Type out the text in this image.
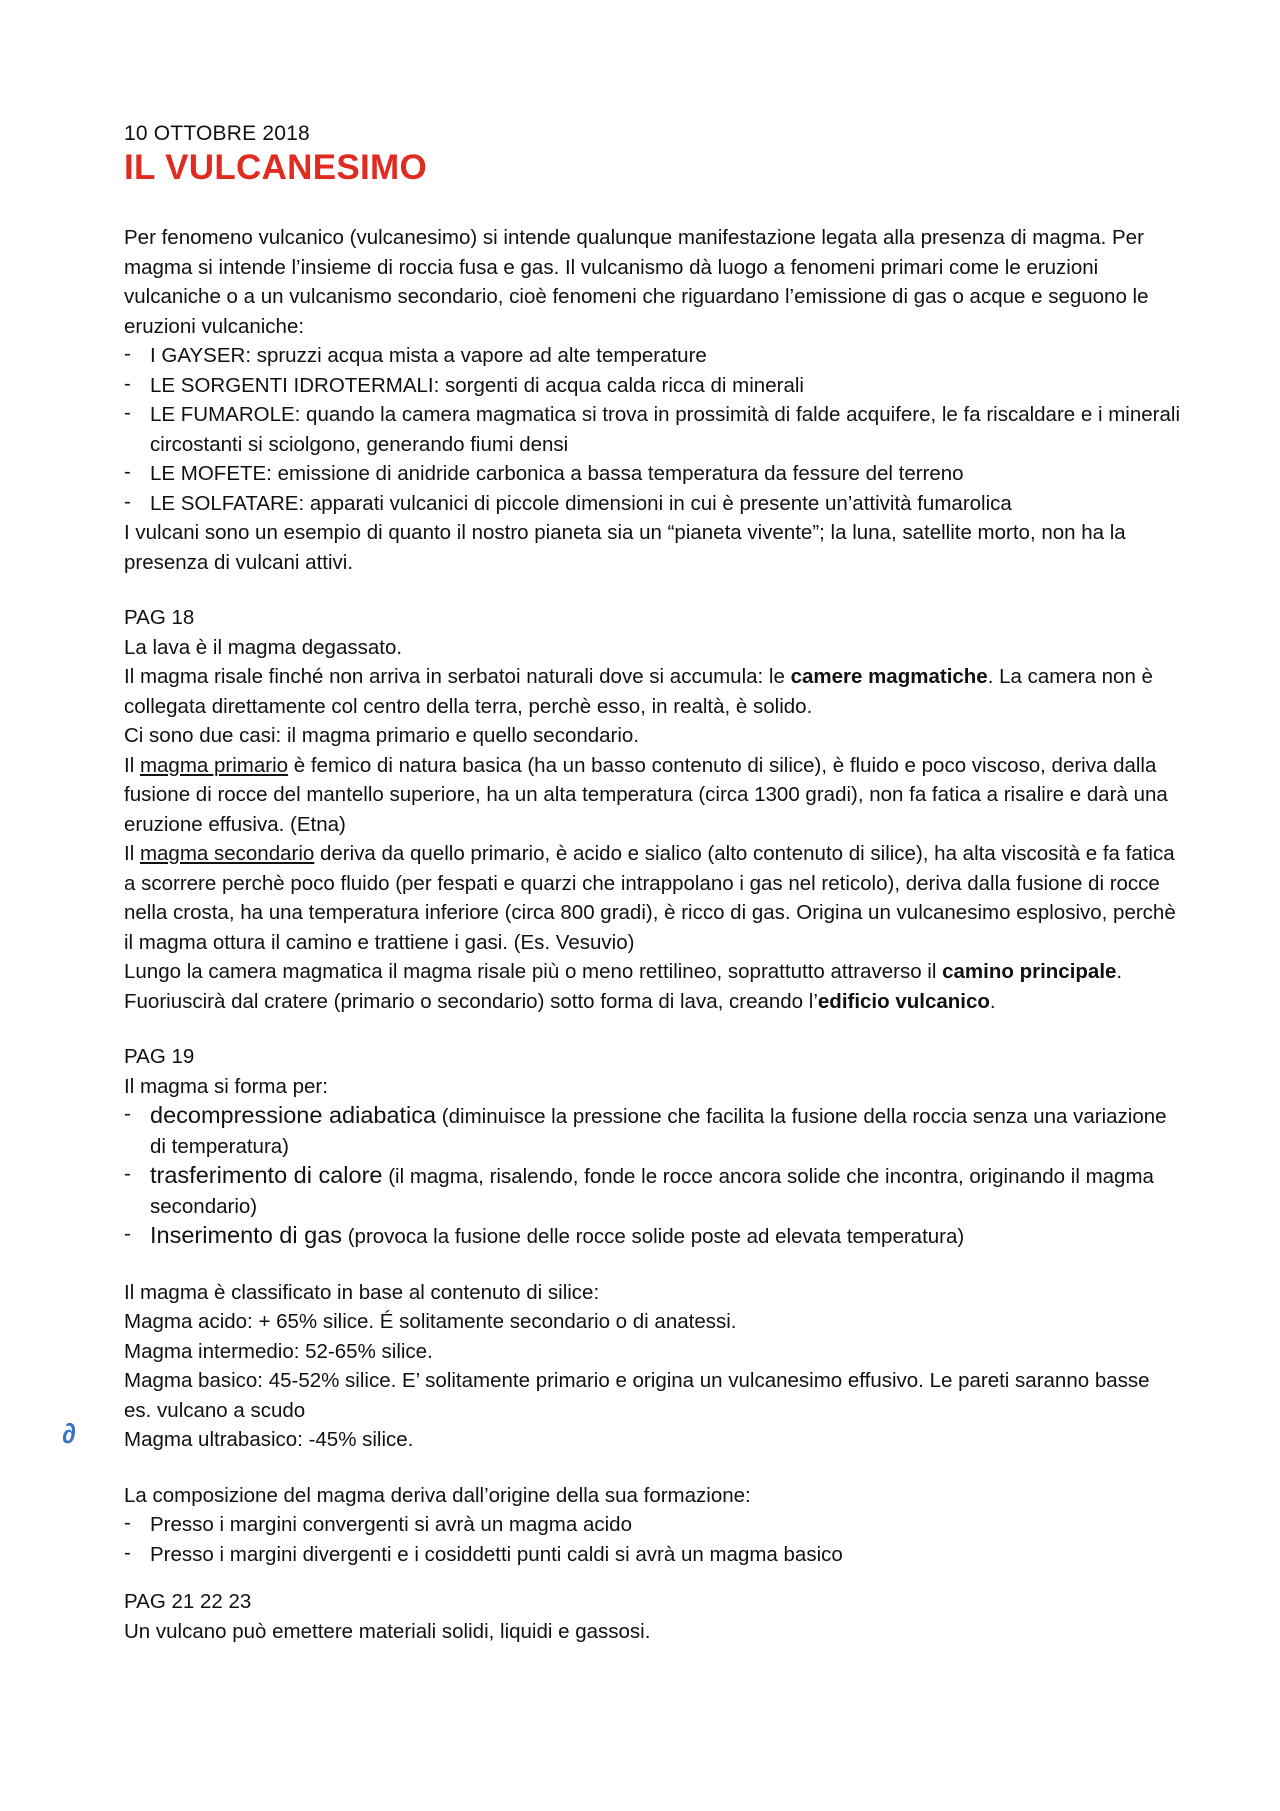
10 OTTOBRE 2018

IL VULCANESIMO

Per fenomeno vulcanico (vulcanesimo) si intende qualunque manifestazione legata alla presenza di magma. Per magma si intende l’insieme di roccia fusa e gas. Il vulcanismo dà luogo a fenomeni primari come le eruzioni vulcaniche o a un vulcanismo secondario, cioè fenomeni che riguardano l’emissione di gas o acque e seguono le eruzioni vulcaniche:

- I GAYSER: spruzzi acqua mista a vapore ad alte temperature
- LE SORGENTI IDROTERMALI: sorgenti di acqua calda ricca di minerali
- LE FUMAROLE: quando la camera magmatica si trova in prossimità di falde acquifere, le fa riscaldare e i minerali circostanti si sciolgono, generando fiumi densi
- LE MOFETE: emissione di anidride carbonica a bassa temperatura da fessure del terreno
- LE SOLFATARE: apparati vulcanici di piccole dimensioni in cui è presente un’attività fumarolica

I vulcani sono un esempio di quanto il nostro pianeta sia un “pianeta vivente”; la luna, satellite morto, non ha la presenza di vulcani attivi.

PAG 18

La lava è il magma degassato.

Il magma risale finché non arriva in serbatoi naturali dove si accumula: le camere magmatiche. La camera non è collegata direttamente col centro della terra, perchè esso, in realtà, è solido.

Ci sono due casi: il magma primario e quello secondario.

Il magma primario è femico di natura basica (ha un basso contenuto di silice), è fluido e poco viscoso, deriva dalla fusione di rocce del mantello superiore, ha un alta temperatura (circa 1300 gradi), non fa fatica a risalire e darà una eruzione effusiva. (Etna)

Il magma secondario deriva da quello primario, è acido e sialico (alto contenuto di silice), ha alta viscosità e fa fatica a scorrere perchè poco fluido (per fespati e quarzi che intrappolano i gas nel reticolo), deriva dalla fusione di rocce nella crosta, ha una temperatura inferiore (circa 800 gradi), è ricco di gas. Origina un vulcanesimo esplosivo, perchè il magma ottura il camino e trattiene i gasi. (Es. Vesuvio)

Lungo la camera magmatica il magma risale più o meno rettilineo, soprattutto attraverso il camino principale. Fuoriuscirà dal cratere (primario o secondario) sotto forma di lava, creando l’edificio vulcanico.

PAG 19

Il magma si forma per:

- decompressione adiabatica (diminuisce la pressione che facilita la fusione della roccia senza una variazione di temperatura)
- trasferimento di calore (il magma, risalendo, fonde le rocce ancora solide che incontra, originando il magma secondario)
- Inserimento di gas (provoca la fusione delle rocce solide poste ad elevata temperatura)

Il magma è classificato in base al contenuto di silice:

Magma acido: + 65% silice. É solitamente secondario o di anatessi.

Magma intermedio: 52-65% silice.

Magma basico: 45-52% silice. E’ solitamente primario e origina un vulcanesimo effusivo. Le pareti saranno basse es. vulcano a scudo

Magma ultrabasico: -45% silice.

La composizione del magma deriva dall’origine della sua formazione:

- Presso i margini convergenti si avrà un magma acido
- Presso i margini divergenti e i cosiddetti punti caldi si avrà un magma basico

PAG 21 22 23

Un vulcano può emettere materiali solidi, liquidi e gassosi.

∂
